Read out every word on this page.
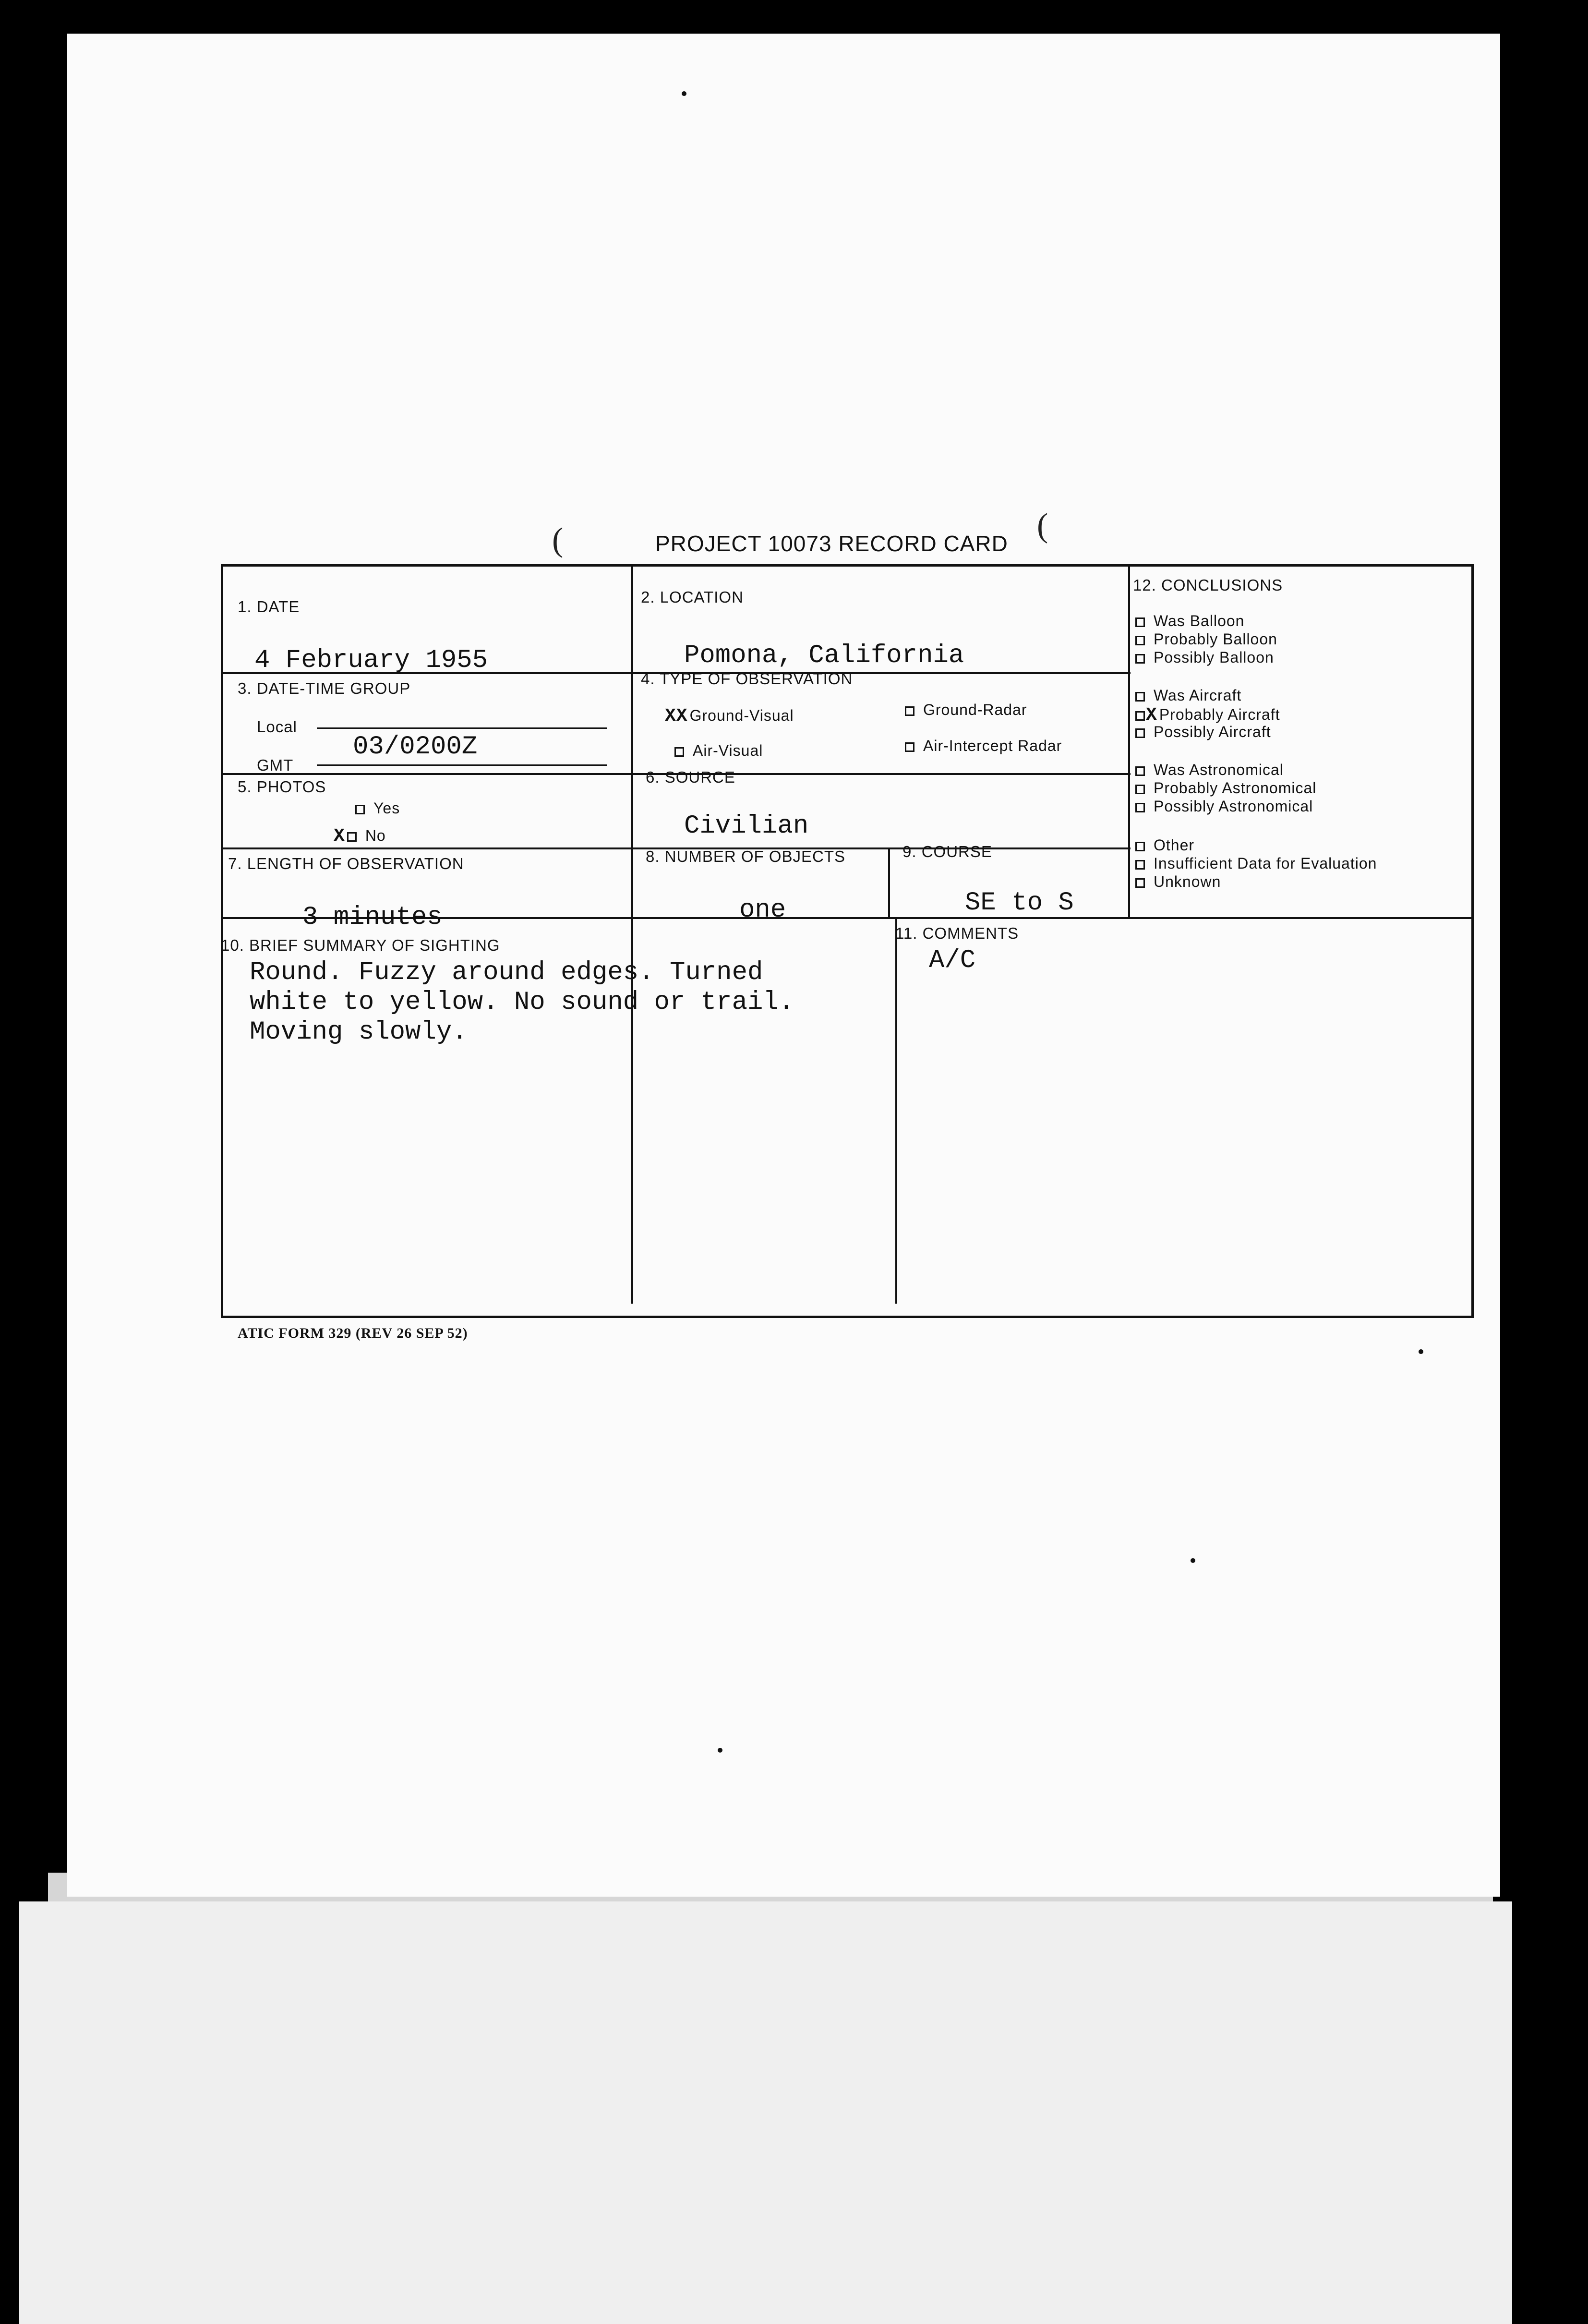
(	(
PROJECT 10073 RECORD CARD
1. DATE
4 February 1955
2. LOCATION
Pomona, California
3. DATE-TIME GROUP
Local
GMT
03/0200Z
4. TYPE OF OBSERVATION
XX Ground-Visual	Ground-Radar
Air-Visual	Air-Intercept Radar
5. PHOTOS
Yes
X No
6. SOURCE
Civilian
7. LENGTH OF OBSERVATION
3 minutes
8. NUMBER OF OBJECTS
one
9. COURSE
SE to S
10. BRIEF SUMMARY OF SIGHTING
Round. Fuzzy around edges. Turned
white to yellow. No sound or trail.
Moving slowly.
11. COMMENTS
A/C
12. CONCLUSIONS
Was Balloon
Probably Balloon
Possibly Balloon
Was Aircraft
X Probably Aircraft
Possibly Aircraft
Was Astronomical
Probably Astronomical
Possibly Astronomical
Other
Insufficient Data for Evaluation
Unknown
ATIC FORM 329 (REV 26 SEP 52)
